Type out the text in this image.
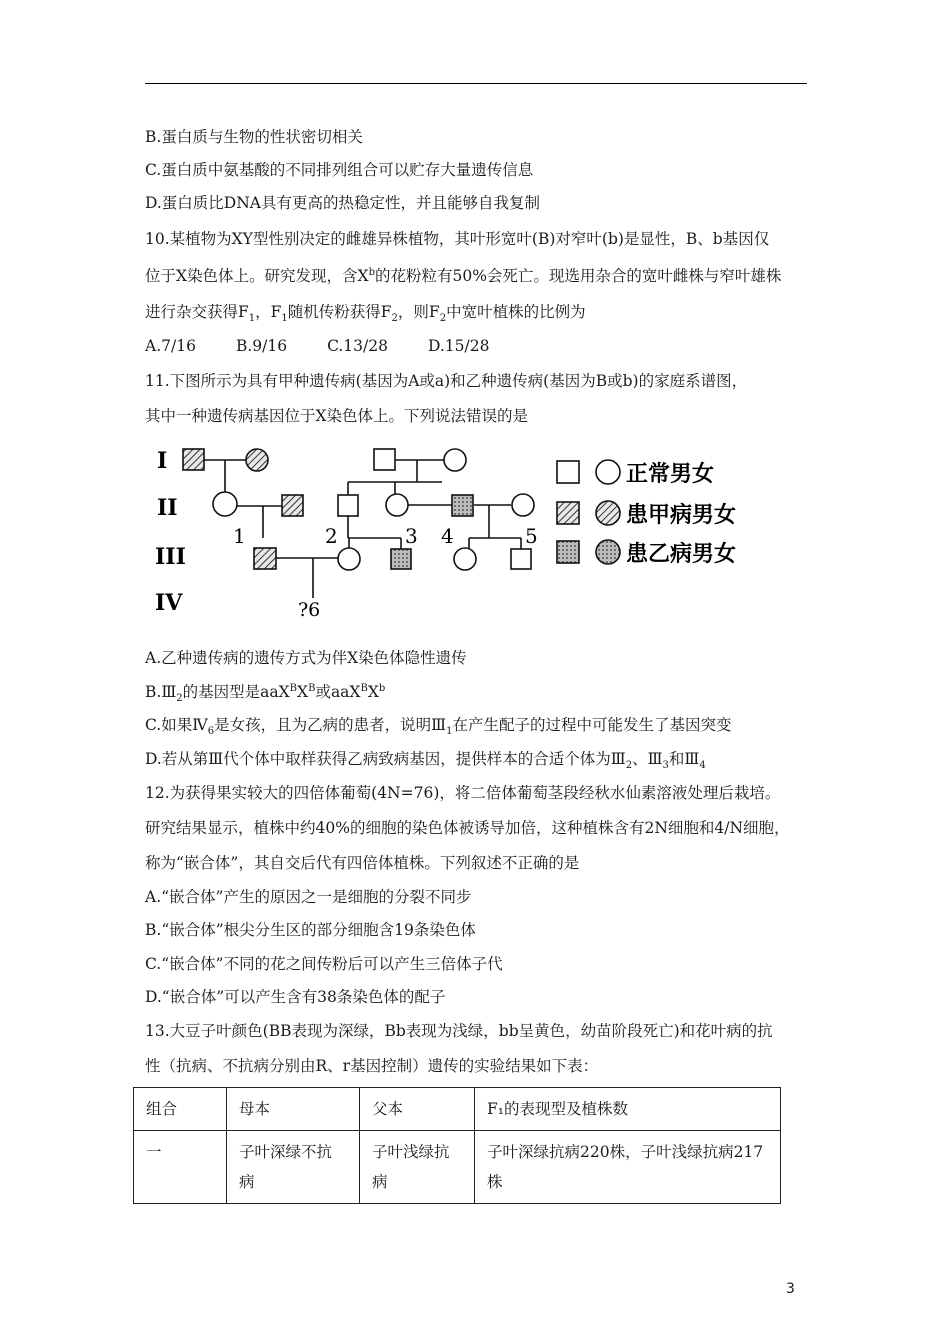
B.蛋白质与生物的性状密切相关
C.蛋白质中氨基酸的不同排列组合可以贮存大量遗传信息
D.蛋白质比DNA具有更高的热稳定性，并且能够自我复制
10.某植物为XY型性别决定的雌雄异株植物，其叶形宽叶(B)对窄叶(b)是显性，B、b基因仅
位于X染色体上。研究发现，含$X^b$的花粉粒有50%会死亡。现选用杂合的宽叶雌株与窄叶雄株
进行杂交获得$F_1$，$F_1$随机传粉获得$F_2$，则$F_2$中宽叶植株的比例为
A.7/16	B.9/16	C.13/28	D.15/28
11.下图所示为具有甲种遗传病(基因为A或a)和乙种遗传病(基因为B或b)的家庭系谱图，
其中一种遗传病基因位于X染色体上。下列说法错误的是
I
II
III
IV
1	2	3 4	5
?6
正常男女
患甲病男女
患乙病男女
A.乙种遗传病的遗传方式为伴X染色体隐性遗传
$B.Ⅲ_2$的基因型是$aaX^BX^B$或$aaX^BX^b$
C.如果$Ⅳ_6$是女孩，且为乙病的患者，说明$Ⅲ_1$在产生配子的过程中可能发生了基因突变
D.若从第Ⅲ代个体中取样获得乙病致病基因，提供样本的合适个体为$Ⅲ_2$、$Ⅲ_3$和$Ⅲ_4$
12.为获得果实较大的四倍体葡萄(4N=76)，将二倍体葡萄茎段经秋水仙素溶液处理后栽培。
研究结果显示，植株中约40%的细胞的染色体被诱导加倍，这种植株含有2N细胞和4/N细胞，
称为“嵌合体”，其自交后代有四倍体植株。下列叙述不正确的是
A.“嵌合体”产生的原因之一是细胞的分裂不同步
B.“嵌合体”根尖分生区的部分细胞含19条染色体
C.“嵌合体”不同的花之间传粉后可以产生三倍体子代
D.“嵌合体”可以产生含有38条染色体的配子
13.大豆子叶颜色(BB表现为深绿，Bb表现为浅绿，bb呈黄色，幼苗阶段死亡)和花叶病的抗
性（抗病、不抗病分别由R、r基因控制）遗传的实验结果如下表：
组合	母本	父本	F₁的表现型及植株数
一	子叶深绿不抗病	子叶浅绿抗病	子叶深绿抗病220株，子叶浅绿抗病217株
3
